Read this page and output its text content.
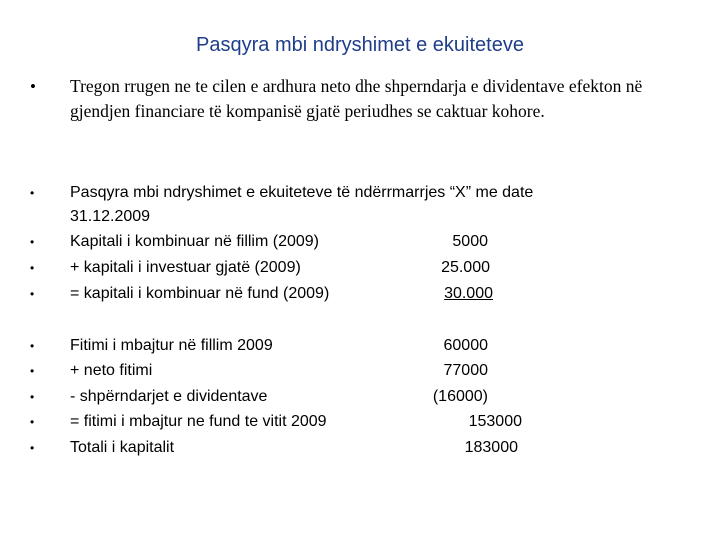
Pasqyra mbi ndryshimet e ekuiteteve
• Tregon rrugen ne te cilen e ardhura neto dhe shperndarja e dividentave efekton në gjendjen financiare të kompanisë gjatë periudhes se caktuar kohore.
• Pasqyra mbi ndryshimet e ekuiteteve të ndërrmarrjes “X” me date
31.12.2009
• Kapitali i kombinuar në fillim (2009)	5000
• + kapitali i investuar gjatë (2009)	25.000
• = kapitali i kombinuar në fund (2009)	30.000
• Fitimi i mbajtur në fillim 2009	60000
• + neto fitimi	77000
• - shpërndarjet e dividentave	(16000)
• = fitimi i mbajtur ne fund te vitit 2009	153000
• Totali i kapitalit	183000
